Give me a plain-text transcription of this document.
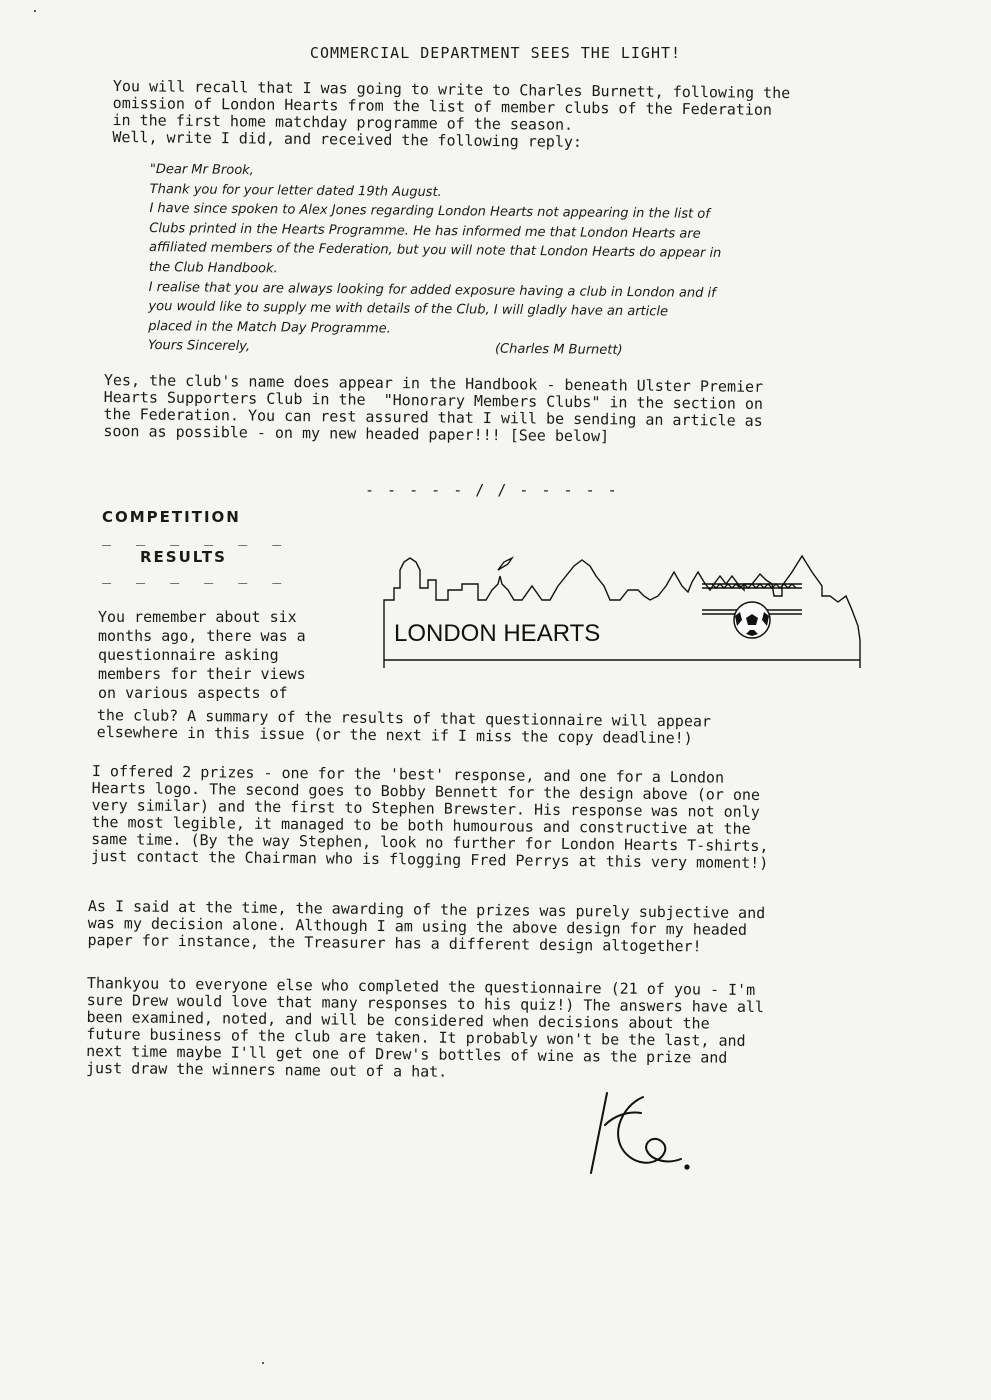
COMMERCIAL DEPARTMENT SEES THE LIGHT!

You will recall that I was going to write to Charles Burnett, following the
omission of London Hearts from the list of member clubs of the Federation
in the first home matchday programme of the season.
Well, write I did, and received the following reply:

"Dear Mr Brook,
Thank you for your letter dated 19th August.
I have since spoken to Alex Jones regarding London Hearts not appearing in the list of
Clubs printed in the Hearts Programme. He has informed me that London Hearts are
affiliated members of the Federation, but you will note that London Hearts do appear in
the Club Handbook.
I realise that you are always looking for added exposure having a club in London and if
you would like to supply me with details of the Club, I will gladly have an article
placed in the Match Day Programme.
Yours Sincerely,	(Charles M Burnett)

Yes, the club's name does appear in the Handbook - beneath Ulster Premier
Hearts Supporters Club in the  "Honorary Members Clubs" in the section on
the Federation. You can rest assured that I will be sending an article as
soon as possible - on my new headed paper!!! [See below]

- - - - - / / - - - - -
COMPETITION
_ _ _ _ _ _
RESULTS
_ _ _ _ _ _
LONDON HEARTS

You remember about six
months ago, there was a
questionnaire asking
members for their views
on various aspects of

the club? A summary of the results of that questionnaire will appear
elsewhere in this issue (or the next if I miss the copy deadline!)

I offered 2 prizes - one for the 'best' response, and one for a London
Hearts logo. The second goes to Bobby Bennett for the design above (or one
very similar) and the first to Stephen Brewster. His response was not only
the most legible, it managed to be both humourous and constructive at the
same time. (By the way Stephen, look no further for London Hearts T-shirts,
just contact the Chairman who is flogging Fred Perrys at this very moment!)

As I said at the time, the awarding of the prizes was purely subjective and
was my decision alone. Although I am using the above design for my headed
paper for instance, the Treasurer has a different design altogether!

Thankyou to everyone else who completed the questionnaire (21 of you - I'm
sure Drew would love that many responses to his quiz!) The answers have all
been examined, noted, and will be considered when decisions about the
future business of the club are taken. It probably won't be the last, and
next time maybe I'll get one of Drew's bottles of wine as the prize and
just draw the winners name out of a hat.
